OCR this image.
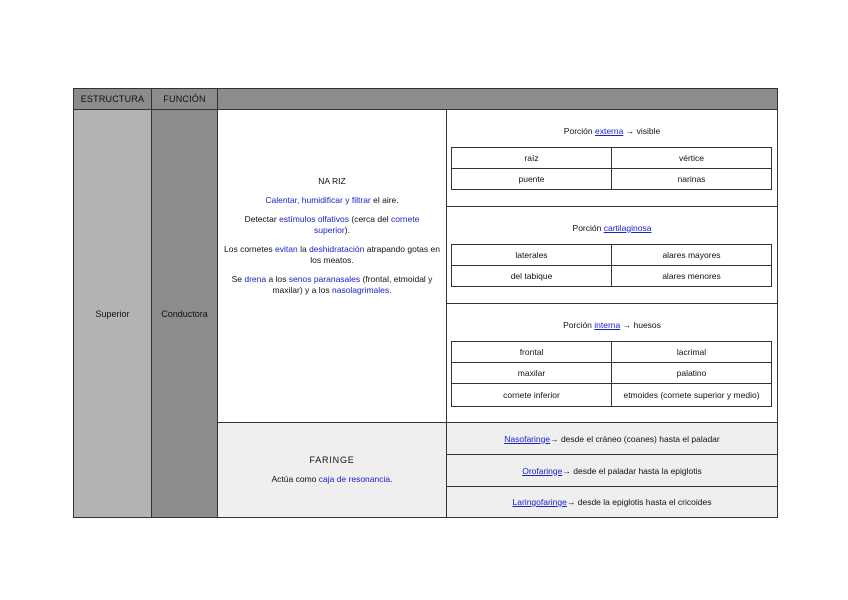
ESTRUCTURA FUNCIÓN
Superior	Conductora
NA RIZ
Calentar, humidificar y filtrar el aire.
Detectar estímulos olfativos (cerca del cornete superior).
Los cornetes evitan la deshidratación atrapando gotas en los meatos.
Se drena a los senos paranasales (frontal, etmoidal y maxilar) y a los nasolagrimales.
Porción externa → visible
raíz	vértice
puente	narinas
Porción cartilaginosa
laterales	alares mayores
del tabique	alares menores
Porción interna → huesos
frontal	lacrimal
maxilar	palatino
cornete inferior	etmoides (cornete superior y medio)
FARINGE
Actúa como caja de resonancia.
Nasofaringe → desde el cráneo (coanes) hasta el paladar
Orofaringe → desde el paladar hasta la epiglotis
Laringofaringe → desde la epiglotis hasta el cricoides
